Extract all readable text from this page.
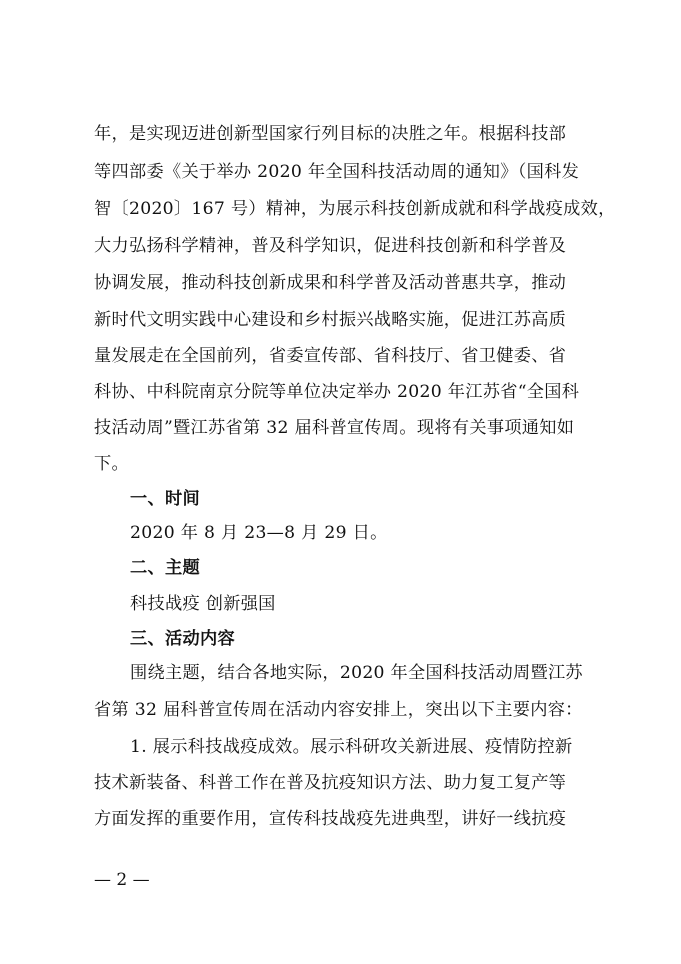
年，是实现迈进创新型国家行列目标的决胜之年。根据科技部
等四部委《关于举办 2020 年全国科技活动周的通知》（国科发
智〔2020〕167 号）精神，为展示科技创新成就和科学战疫成效，
大力弘扬科学精神，普及科学知识，促进科技创新和科学普及
协调发展，推动科技创新成果和科学普及活动普惠共享，推动
新时代文明实践中心建设和乡村振兴战略实施，促进江苏高质
量发展走在全国前列，省委宣传部、省科技厅、省卫健委、省
科协、中科院南京分院等单位决定举办 2020 年江苏省“全国科
技活动周”暨江苏省第 32 届科普宣传周。现将有关事项通知如
下。
一、时间
2020 年 8 月 23—8 月 29 日。
二、主题
科技战疫 创新强国
三、活动内容
围绕主题，结合各地实际，2020 年全国科技活动周暨江苏
省第 32 届科普宣传周在活动内容安排上，突出以下主要内容：
1. 展示科技战疫成效。展示科研攻关新进展、疫情防控新
技术新装备、科普工作在普及抗疫知识方法、助力复工复产等
方面发挥的重要作用，宣传科技战疫先进典型，讲好一线抗疫
— 2 —
